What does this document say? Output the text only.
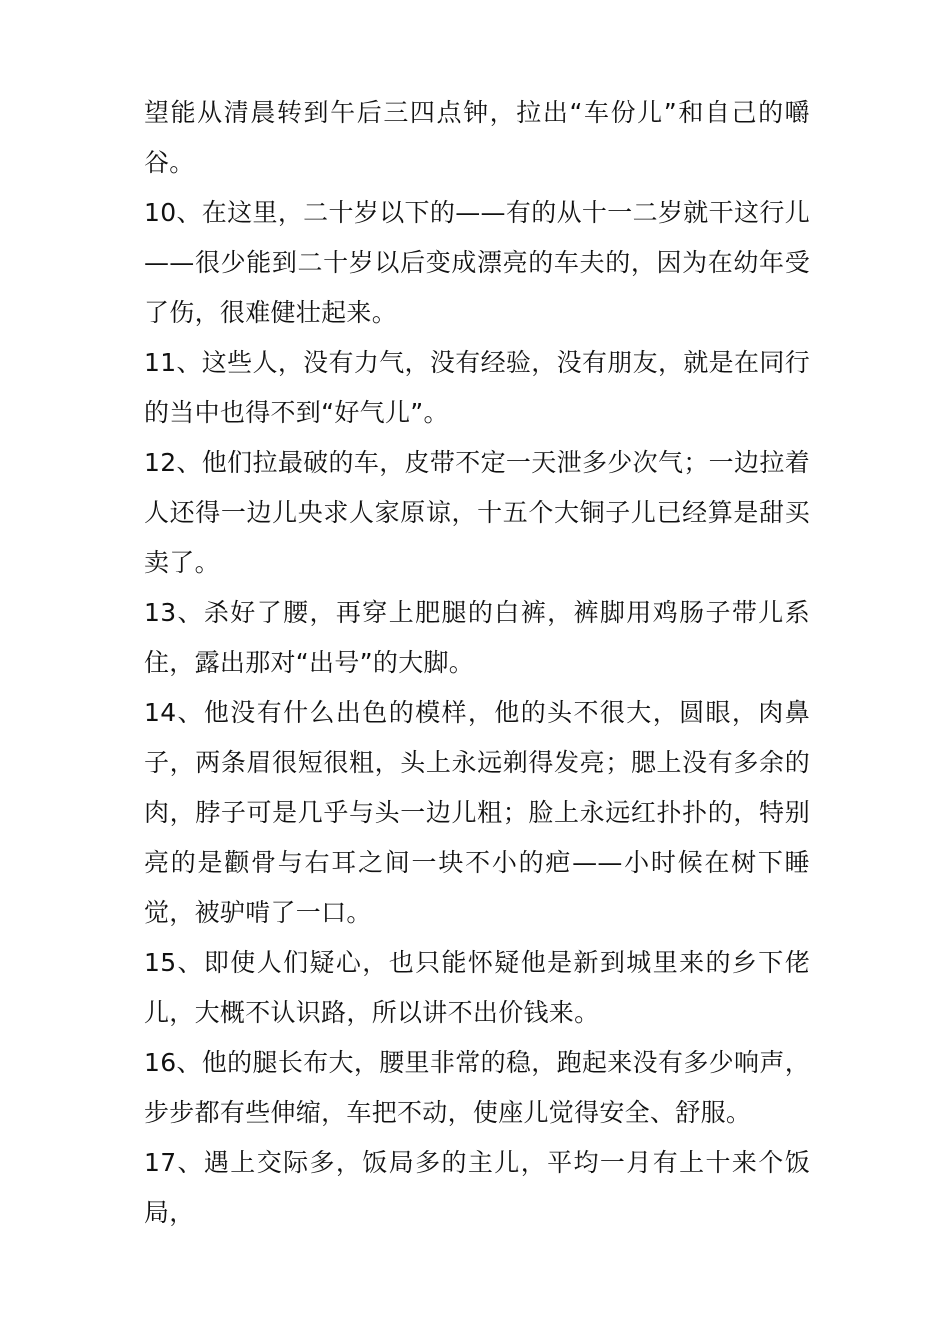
望能从清晨转到午后三四点钟，拉出“车份儿”和自己的嚼谷。

10、在这里，二十岁以下的——有的从十一二岁就干这行儿——很少能到二十岁以后变成漂亮的车夫的，因为在幼年受了伤，很难健壮起来。

11、这些人，没有力气，没有经验，没有朋友，就是在同行的当中也得不到“好气儿”。

12、他们拉最破的车，皮带不定一天泄多少次气；一边拉着人还得一边儿央求人家原谅，十五个大铜子儿已经算是甜买卖了。

13、杀好了腰，再穿上肥腿的白裤，裤脚用鸡肠子带儿系住，露出那对“出号”的大脚。

14、他没有什么出色的模样，他的头不很大，圆眼，肉鼻子，两条眉很短很粗，头上永远剃得发亮；腮上没有多余的肉，脖子可是几乎与头一边儿粗；脸上永远红扑扑的，特别亮的是颧骨与右耳之间一块不小的疤——小时候在树下睡觉，被驴啃了一口。

15、即使人们疑心，也只能怀疑他是新到城里来的乡下佬儿，大概不认识路，所以讲不出价钱来。

16、他的腿长布大，腰里非常的稳，跑起来没有多少响声，步步都有些伸缩，车把不动，使座儿觉得安全、舒服。

17、遇上交际多，饭局多的主儿，平均一月有上十来个饭局，
